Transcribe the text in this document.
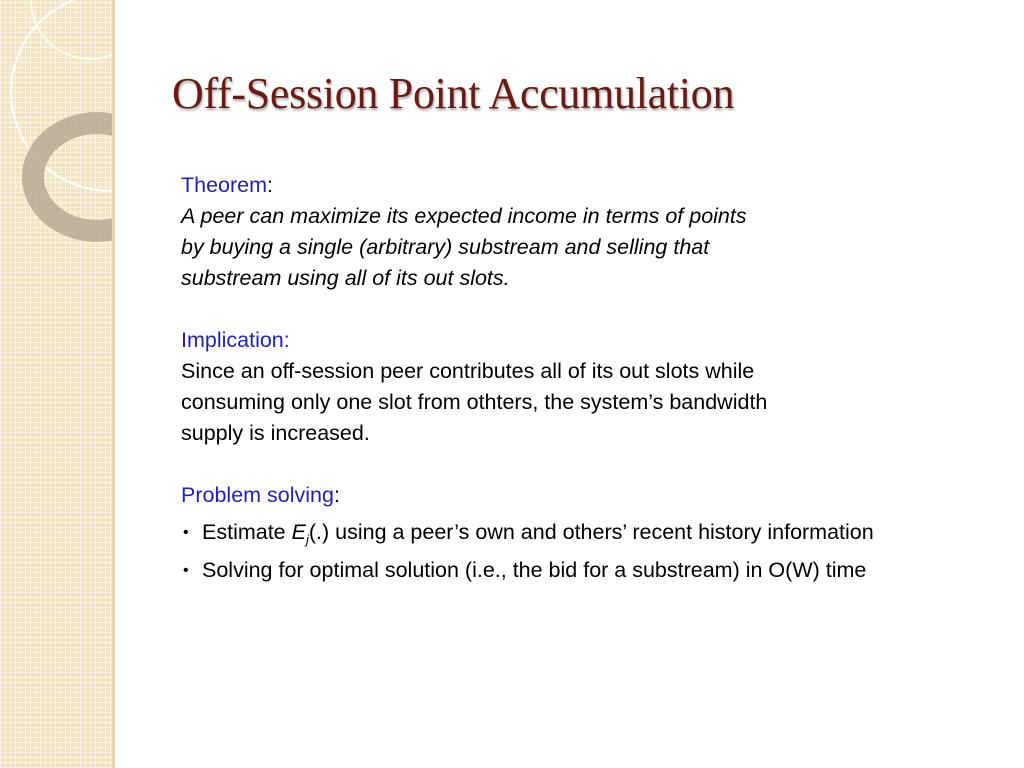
Off-Session Point Accumulation
Theorem:
A peer can maximize its expected income in terms of points
by buying a single (arbitrary) substream and selling that
substream using all of its out slots.
Implication:
Since an off-session peer contributes all of its out slots while
consuming only one slot from othters, the system’s bandwidth
supply is increased.
Problem solving:
• Estimate $E_j(.)$ using a peer’s own and others’ recent history information
• Solving for optimal solution (i.e., the bid for a substream) in O(W) time
